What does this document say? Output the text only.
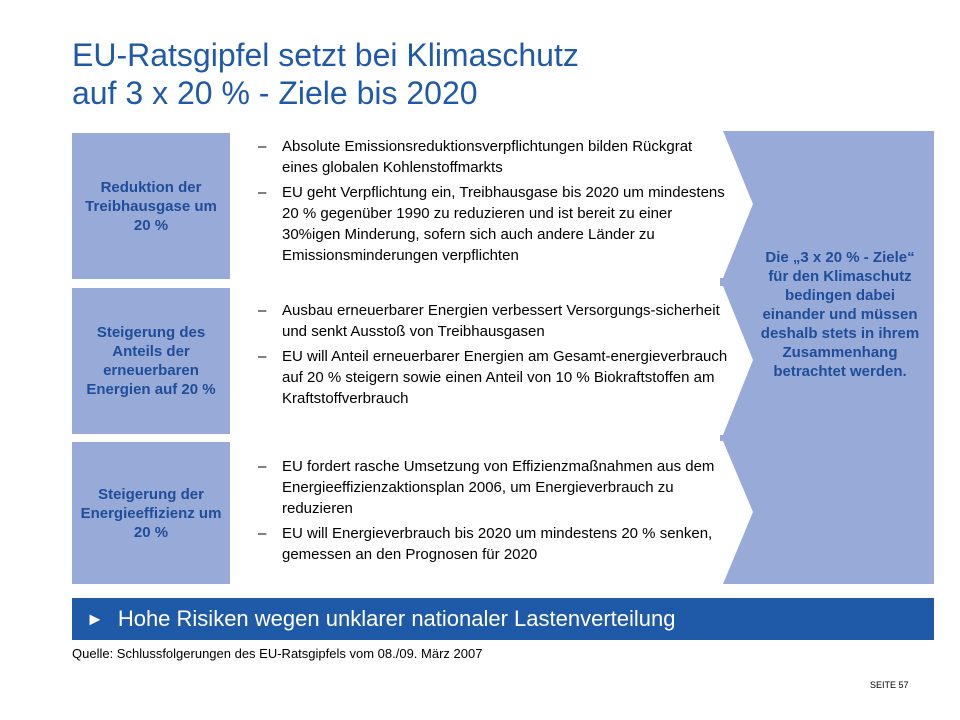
EU-Ratsgipfel setzt bei Klimaschutz
auf 3 x 20 % - Ziele bis 2020
Die „3 x 20 % - Ziele“ für den Klimaschutz bedingen dabei einander und müssen deshalb stets in ihrem Zusammenhang betrachtet werden.
Reduktion der Treibhausgase um 20 %
Steigerung des Anteils der erneuerbaren Energien auf 20 %
Steigerung der Energieeffizienz um 20 %
– Absolute Emissionsreduktionsverpflichtungen bilden Rückgrat eines globalen Kohlenstoffmarkts
– EU geht Verpflichtung ein, Treibhausgase bis 2020 um mindestens 20 % gegenüber 1990 zu reduzieren und ist bereit zu einer 30%igen Minderung, sofern sich auch andere Länder zu Emissionsminderungen verpflichten
– Ausbau erneuerbarer Energien verbessert Versorgungs-sicherheit und senkt Ausstoß von Treibhausgasen
– EU will Anteil erneuerbarer Energien am Gesamt-energieverbrauch auf 20 % steigern sowie einen Anteil von 10 % Biokraftstoffen am Kraftstoffverbrauch
– EU fordert rasche Umsetzung von Effizienzmaßnahmen aus dem Energieeffizienzaktionsplan 2006, um Energieverbrauch zu reduzieren
– EU will Energieverbrauch bis 2020 um mindestens 20 % senken, gemessen an den Prognosen für 2020
► Hohe Risiken wegen unklarer nationaler Lastenverteilung
Quelle: Schlussfolgerungen des EU-Ratsgipfels vom 08./09. März 2007
SEITE 57
